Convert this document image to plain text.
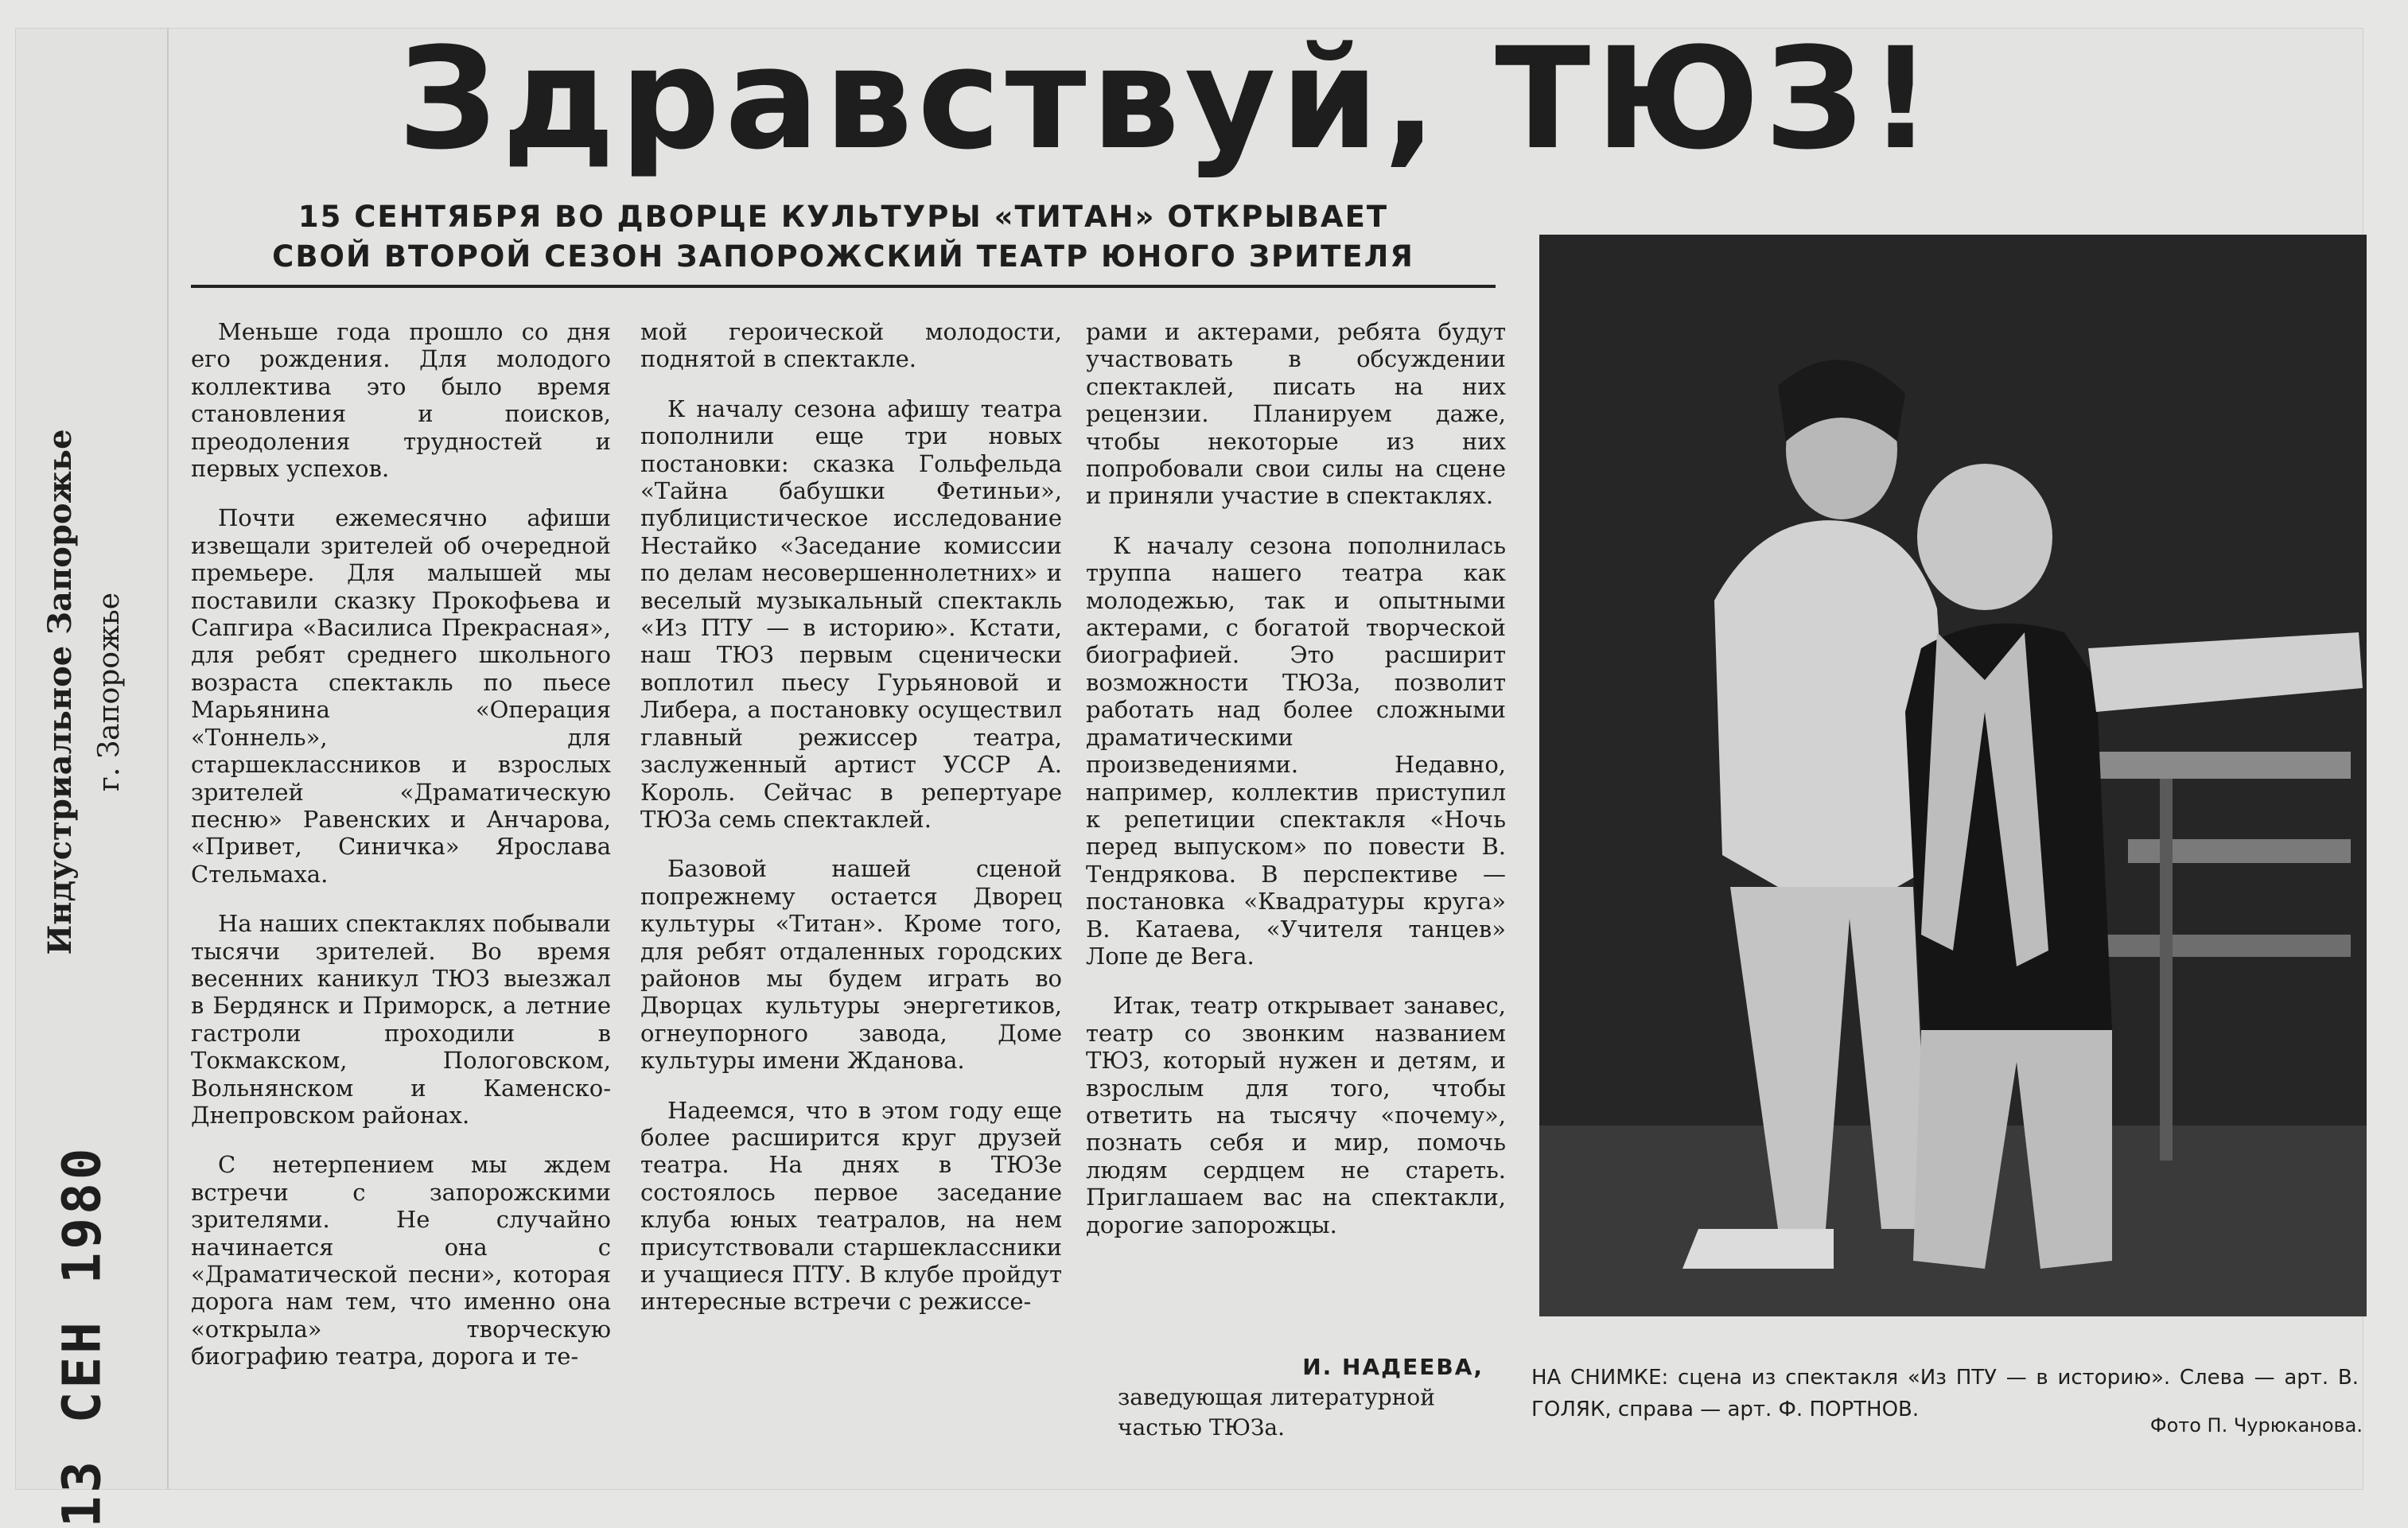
Индустриальное Запорожье г. Запорожье
13 СЕН 1980
Здравствуй, ТЮЗ!
15 СЕНТЯБРЯ ВО ДВОРЦЕ КУЛЬТУРЫ «ТИТАН» ОТКРЫВАЕТ
СВОЙ ВТОРОЙ СЕЗОН ЗАПОРОЖСКИЙ ТЕАТР ЮНОГО ЗРИТЕЛЯ

Меньше года прошло со дня его рождения. Для молодого коллектива это было время становления и поисков, преодоления трудностей и первых успехов.

Почти ежемесячно афиши извещали зрителей об очередной премьере. Для малышей мы поставили сказку Прокофьева и Сапгира «Василиса Прекрасная», для ребят среднего школьного возраста спектакль по пьесе Марьянина «Операция «Тоннель», для старшеклассников и взрослых зрителей «Драматическую песню» Равенских и Анчарова, «Привет, Синичка» Ярослава Стельмаха.

На наших спектаклях побывали тысячи зрителей. Во время весенних каникул ТЮЗ выезжал в Бердянск и Приморск, а летние гастроли проходили в Токмакском, Пологовском, Вольнянском и Каменско-Днепровском районах.

С нетерпением мы ждем встречи с запорожскими зрителями. Не случайно начинается она с «Драматической песни», которая дорога нам тем, что именно она «открыла» творческую биографию театра, дорога и те-

мой героической молодости, поднятой в спектакле.

К началу сезона афишу театра пополнили еще три новых постановки: сказка Гольфельда «Тайна бабушки Фетиньи», публицистическое исследование Нестайко «Заседание комиссии по делам несовершеннолетних» и веселый музыкальный спектакль «Из ПТУ — в историю». Кстати, наш ТЮЗ первым сценически воплотил пьесу Гурьяновой и Либера, а постановку осуществил главный режиссер театра, заслуженный артист УССР А. Король. Сейчас в репертуаре ТЮЗа семь спектаклей.

Базовой нашей сценой попрежнему остается Дворец культуры «Титан». Кроме того, для ребят отдаленных городских районов мы будем играть во Дворцах культуры энергетиков, огнеупорного завода, Доме культуры имени Жданова.

Надеемся, что в этом году еще более расширится круг друзей театра. На днях в ТЮЗе состоялось первое заседание клуба юных театралов, на нем присутствовали старшеклассники и учащиеся ПТУ. В клубе пройдут интересные встречи с режиссе-

рами и актерами, ребята будут участвовать в обсуждении спектаклей, писать на них рецензии. Планируем даже, чтобы некоторые из них попробовали свои силы на сцене и приняли участие в спектаклях.

К началу сезона пополнилась труппа нашего театра как молодежью, так и опытными актерами, с богатой творческой биографией. Это расширит возможности ТЮЗа, позволит работать над более сложными драматическими произведениями. Недавно, например, коллектив приступил к репетиции спектакля «Ночь перед выпуском» по повести В. Тендрякова. В перспективе — постановка «Квадратуры круга» В. Катаева, «Учителя танцев» Лопе де Вега.

Итак, театр открывает занавес, театр со звонким названием ТЮЗ, который нужен и детям, и взрослым для того, чтобы ответить на тысячу «почему», познать себя и мир, помочь людям сердцем не стареть. Приглашаем вас на спектакли, дорогие запорожцы.

И. НАДЕЕВА,
заведующая литературной частью ТЮЗа.
НА СНИМКЕ: сцена из спектакля «Из ПТУ — в историю». Слева — арт. В. ГОЛЯК, справа — арт. Ф. ПОРТНОВ.
Фото П. Чурюканова.
